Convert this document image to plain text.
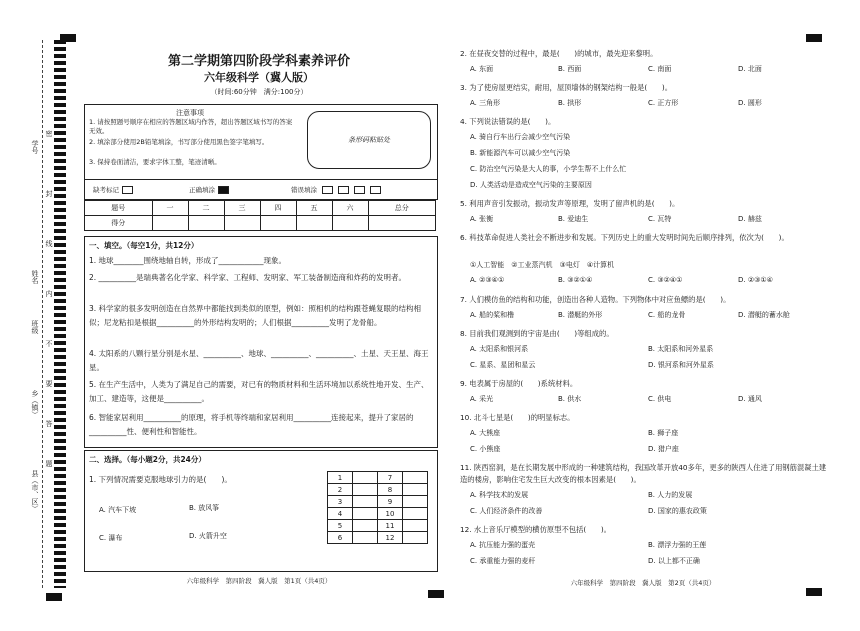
学号
姓名
班级
乡（镇）
县（市、区）
密
封
线
内
不
要
答
题
第二学期第四阶段学科素养评价
六年级科学（冀人版）
（时间:60分钟　满分:100分）
注意事项
1. 请按照题号顺序在相应的答题区域内作答，超出答题区域书写的答案无效。
2. 填涂部分使用2B铅笔填涂，书写部分使用黑色签字笔填写。
3. 保持卷面清洁，要求字体工整，笔迹清晰。
条形码粘贴处
缺考标记	正确填涂	错误填涂
题号	一	二	三	四	五	六	总分
得分							
一、填空。（每空1分，共12分）
1. 地球________围绕地轴自转，形成了____________现象。
2. __________是瑞典著名化学家、科学家、工程师、发明家、军工装备制造商和炸药的发明者。
3. 科学家的很多发明创造在自然界中都能找到类似的原型，例如：照相机的结构跟苍蝇复眼的结构相似；尼龙粘扣是根据__________的外形结构发明的；人们根据__________发明了龙骨船。
4. 太阳系的八颗行星分别是水星、__________、地球、__________、__________、土星、天王星、海王星。
5. 在生产生活中，人类为了满足自己的需要，对已有的物质材料和生活环境加以系统性地开发、生产、加工、建造等，这便是__________。
6. 智能家居利用__________的原理，将手机等终端和家居利用__________连接起来，提升了家居的__________性、便利性和智能性。
二、选择。（每小题2分，共24分）
1. 下列情况需要克服地球引力的是(　　)。
A. 汽车下坡	B. 放风筝
C. 瀑布	D. 火箭升空
1		7	
2		8	
3		9	
4		10	
5		11	
6		12	
六年级科学　第四阶段　冀人版　第1页（共4页）
2. 在昼夜交替的过程中，最是(　　)的城市，最先迎来黎明。
A. 东面	B. 西面	C. 南面	D. 北面
3. 为了使房屋更结实，耐用，屋顶墙体的钢架结构一般是(　　)。
A. 三角形	B. 拱形	C. 正方形	D. 圆形
4. 下列说法错误的是(　　)。
A. 骑自行车出行会减少空气污染
B. 新能源汽车可以减少空气污染
C. 防治空气污染是大人的事，小学生帮不上什么忙
D. 人类活动是造成空气污染的主要原因
5. 利用声音引发振动，振动发声等原理，发明了留声机的是(　　)。
A. 张衡	B. 爱迪生	C. 瓦特	D. 赫兹
6. 科技革命促进人类社会不断进步和发展。下列历史上的重大发明时间先后顺序排列，依次为(　　)。
①人工智能　②工业蒸汽机　③电灯　④计算机
A. ②③④①	B. ③②①④	C. ③②④①	D. ②③①④
7. 人们模仿鱼的结构和功能，创造出各种人造物。下列物体中对应鱼鳔的是(　　)。
A. 船的桨和橹	B. 潜艇的外形	C. 船的龙骨	D. 潜艇的蓄水舱
8. 目前我们观测到的宇宙是由(　　)等组成的。
A. 太阳系和银河系	B. 太阳系和河外星系
C. 星系、星团和星云	D. 银河系和河外星系
9. 电表属于房屋的(　　)系统材料。
A. 采光	B. 供水	C. 供电	D. 通风
10. 北斗七星是(　　)的明显标志。
A. 大熊座	B. 狮子座
C. 小熊座	D. 猎户座
11. 陕西窑洞，是在长期发展中形成的一种建筑结构，我国改革开放40多年，更多的陕西人住进了用钢筋混凝土建造的楼房，影响住宅发生巨大改变的根本因素是(　　)。
A. 科学技术的发展	B. 人力的发展
C. 人们经济条件的改善	D. 国家的惠农政策
12. 水上音乐厅模型的横仿原型不包括(　　)。
A. 抗压能力强的蛋壳	B. 漂浮力强的王莲
C. 承重能力强的麦秆	D. 以上都不正确
六年级科学　第四阶段　冀人版　第2页（共4页）
